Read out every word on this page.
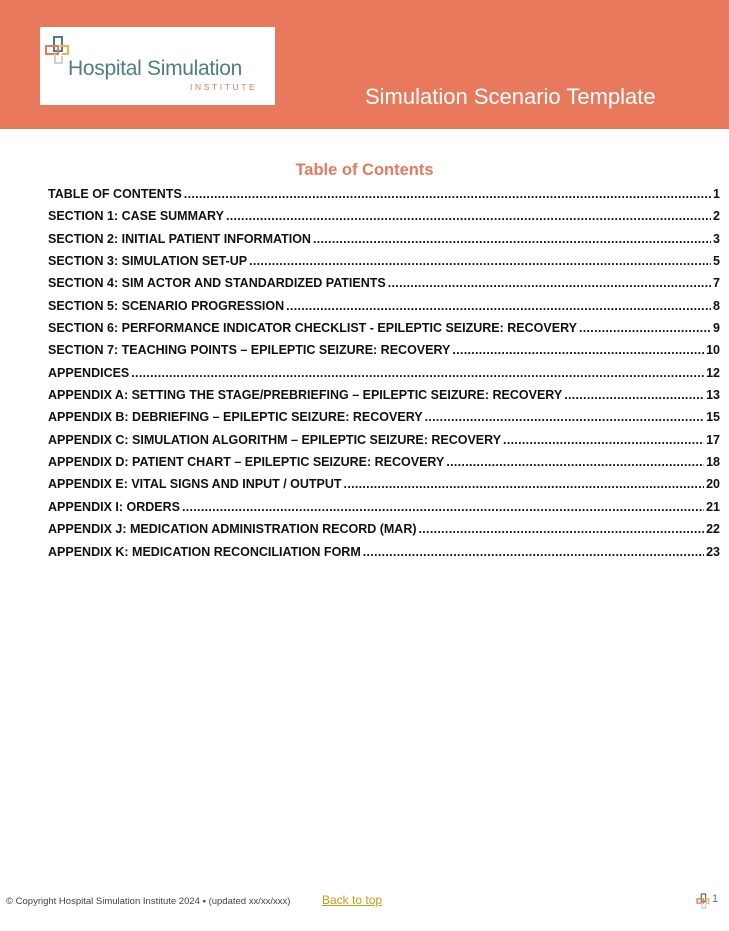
Hospital Simulation
INSTITUTE	Simulation Scenario Template
Table of Contents
TABLE OF CONTENTS .....	1
SECTION 1: CASE SUMMARY .....	2
SECTION 2: INITIAL PATIENT INFORMATION .....	3
SECTION 3: SIMULATION SET-UP .....	5
SECTION 4: SIM ACTOR AND STANDARDIZED PATIENTS .....	7
SECTION 5: SCENARIO PROGRESSION .....	8
SECTION 6: PERFORMANCE INDICATOR CHECKLIST - EPILEPTIC SEIZURE: RECOVERY .....	9
SECTION 7: TEACHING POINTS – EPILEPTIC SEIZURE: RECOVERY .....	10
APPENDICES .....	12
APPENDIX A: SETTING THE STAGE/PREBRIEFING – EPILEPTIC SEIZURE: RECOVERY .....	13
APPENDIX B: DEBRIEFING – EPILEPTIC SEIZURE: RECOVERY .....	15
APPENDIX C: SIMULATION ALGORITHM – EPILEPTIC SEIZURE: RECOVERY .....	17
APPENDIX D: PATIENT CHART – EPILEPTIC SEIZURE: RECOVERY .....	18
APPENDIX E: VITAL SIGNS AND INPUT / OUTPUT .....	20
APPENDIX I: ORDERS .....	21
APPENDIX J: MEDICATION ADMINISTRATION RECORD (MAR) .....	22
APPENDIX K: MEDICATION RECONCILIATION FORM .....	23
© Copyright Hospital Simulation Institute 2024 ▪ (updated xx/xx/xxx)	Back to top	1
